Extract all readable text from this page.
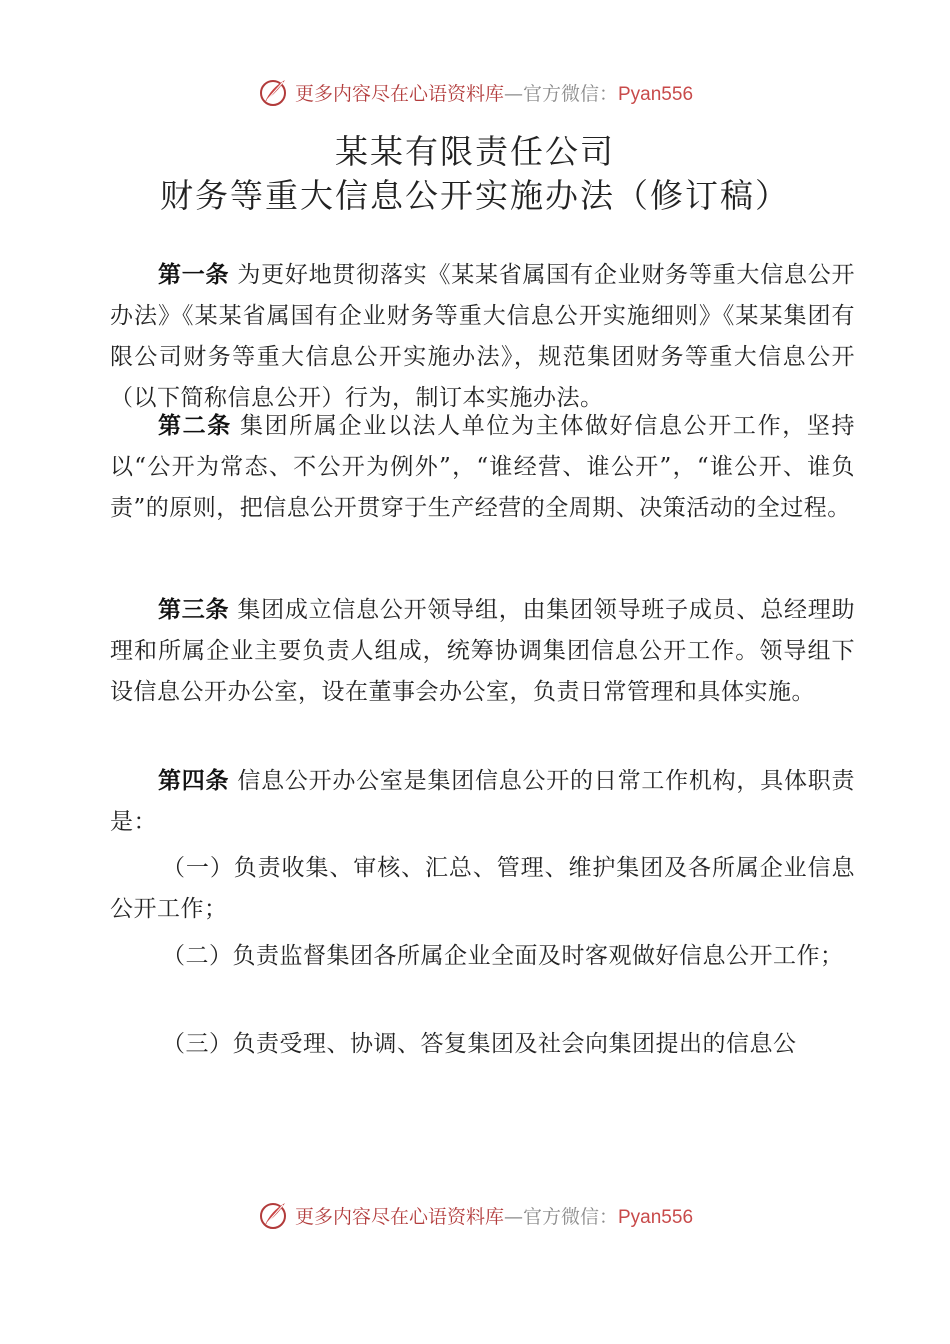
更多内容尽在心语资料库—官方微信：Pyan556
某某有限责任公司
财务等重大信息公开实施办法（修订稿）
第一条 为更好地贯彻落实《某某省属国有企业财务等重大信息公开办法》《某某省属国有企业财务等重大信息公开实施细则》《某某集团有限公司财务等重大信息公开实施办法》，规范集团财务等重大信息公开（以下简称信息公开）行为，制订本实施办法。
第二条 集团所属企业以法人单位为主体做好信息公开工作，坚持以“公开为常态、不公开为例外”，“谁经营、谁公开”，“谁公开、谁负责”的原则，把信息公开贯穿于生产经营的全周期、决策活动的全过程。
第三条 集团成立信息公开领导组，由集团领导班子成员、总经理助理和所属企业主要负责人组成，统筹协调集团信息公开工作。领导组下设信息公开办公室，设在董事会办公室，负责日常管理和具体实施。
第四条 信息公开办公室是集团信息公开的日常工作机构，具体职责是：
（一）负责收集、审核、汇总、管理、维护集团及各所属企业信息公开工作；
（二）负责监督集团各所属企业全面及时客观做好信息公开工作；
（三）负责受理、协调、答复集团及社会向集团提出的信息公
更多内容尽在心语资料库—官方微信：Pyan556
